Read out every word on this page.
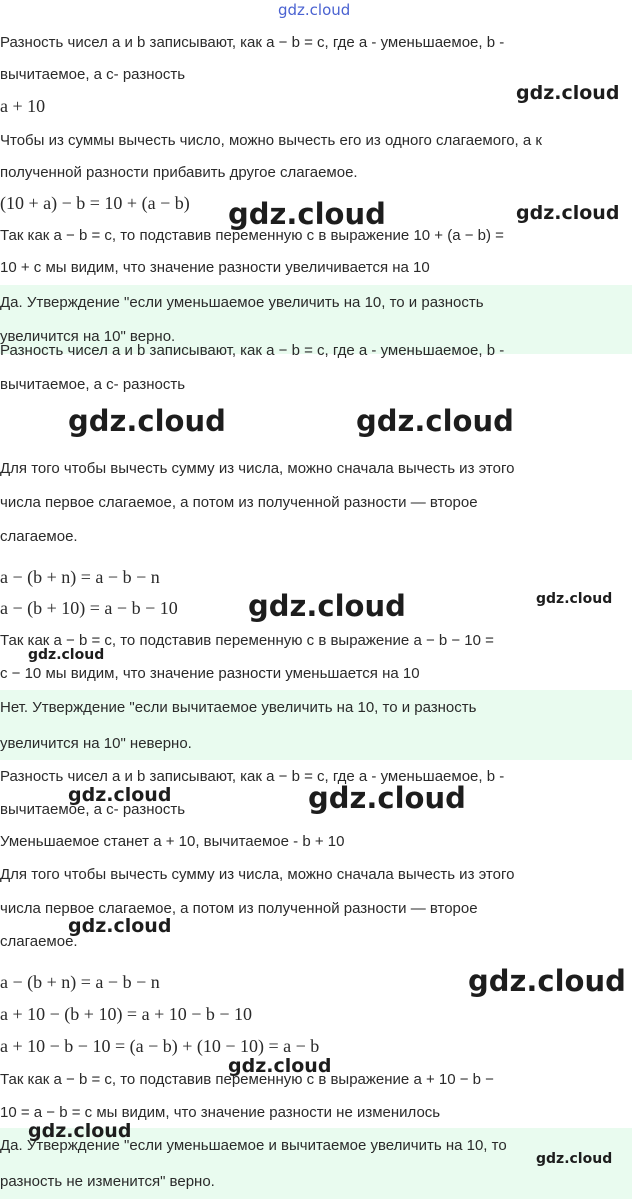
gdz.cloud
Разность чисел a и b записывают, как a − b = c, где a - уменьшаемое, b -
вычитаемое, а c- разность
a + 10
Чтобы из суммы вычесть число, можно вычесть его из одного слагаемого, а к
полученной разности прибавить другое слагаемое.
(10 + a) − b = 10 + (a − b)
Так как a − b = c, то подставив переменную c в выражение 10 + (a − b) =
10 + c мы видим, что значение разности увеличивается на 10
Да. Утверждение "если уменьшаемое увеличить на 10, то и разность
увеличится на 10" верно.
Разность чисел a и b записывают, как a − b = c, где a - уменьшаемое, b -
вычитаемое, а c- разность
Для того чтобы вычесть сумму из числа, можно сначала вычесть из этого
числа первое слагаемое, а потом из полученной разности — второе
слагаемое.
a − (b + n) = a − b − n
a − (b + 10) = a − b − 10
Так как a − b = c, то подставив переменную c в выражение a − b − 10 =
c − 10 мы видим, что значение разности уменьшается на 10
Нет. Утверждение "если вычитаемое увеличить на 10, то и разность
увеличится на 10" неверно.
Разность чисел a и b записывают, как a − b = c, где a - уменьшаемое, b -
вычитаемое, а c- разность
Уменьшаемое станет a + 10, вычитаемое - b + 10
Для того чтобы вычесть сумму из числа, можно сначала вычесть из этого
числа первое слагаемое, а потом из полученной разности — второе
слагаемое.
a − (b + n) = a − b − n
a + 10 − (b + 10) = a + 10 − b − 10
a + 10 − b − 10 = (a − b) + (10 − 10) = a − b
Так как a − b = c, то подставив переменную c в выражение a + 10 − b −
10 = a − b = c мы видим, что значение разности не изменилось
Да. Утверждение "если уменьшаемое и вычитаемое увеличить на 10, то
разность не изменится" верно.
gdz.cloud
gdz.cloud	gdz.cloud
gdz.cloud	gdz.cloud
gdz.cloud	gdz.cloud
gdz.cloud
gdz.cloud	gdz.cloud
gdz.cloud
gdz.cloud
gdz.cloud
gdz.cloud
gdz.cloud
